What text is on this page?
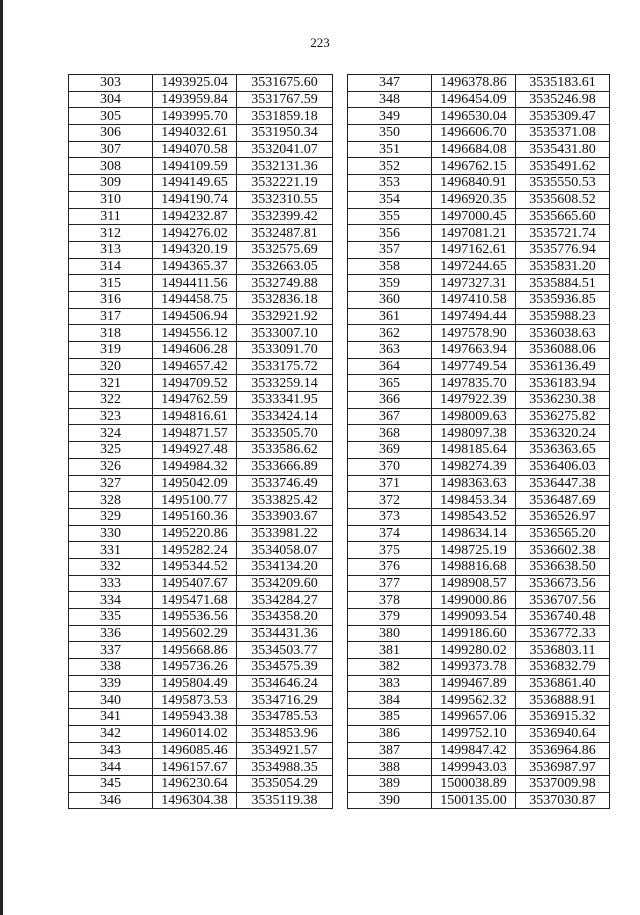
223
303	1493925.04	3531675.60
304	1493959.84	3531767.59
305	1493995.70	3531859.18
306	1494032.61	3531950.34
307	1494070.58	3532041.07
308	1494109.59	3532131.36
309	1494149.65	3532221.19
310	1494190.74	3532310.55
311	1494232.87	3532399.42
312	1494276.02	3532487.81
313	1494320.19	3532575.69
314	1494365.37	3532663.05
315	1494411.56	3532749.88
316	1494458.75	3532836.18
317	1494506.94	3532921.92
318	1494556.12	3533007.10
319	1494606.28	3533091.70
320	1494657.42	3533175.72
321	1494709.52	3533259.14
322	1494762.59	3533341.95
323	1494816.61	3533424.14
324	1494871.57	3533505.70
325	1494927.48	3533586.62
326	1494984.32	3533666.89
327	1495042.09	3533746.49
328	1495100.77	3533825.42
329	1495160.36	3533903.67
330	1495220.86	3533981.22
331	1495282.24	3534058.07
332	1495344.52	3534134.20
333	1495407.67	3534209.60
334	1495471.68	3534284.27
335	1495536.56	3534358.20
336	1495602.29	3534431.36
337	1495668.86	3534503.77
338	1495736.26	3534575.39
339	1495804.49	3534646.24
340	1495873.53	3534716.29
341	1495943.38	3534785.53
342	1496014.02	3534853.96
343	1496085.46	3534921.57
344	1496157.67	3534988.35
345	1496230.64	3535054.29
346	1496304.38	3535119.38
347	1496378.86	3535183.61
348	1496454.09	3535246.98
349	1496530.04	3535309.47
350	1496606.70	3535371.08
351	1496684.08	3535431.80
352	1496762.15	3535491.62
353	1496840.91	3535550.53
354	1496920.35	3535608.52
355	1497000.45	3535665.60
356	1497081.21	3535721.74
357	1497162.61	3535776.94
358	1497244.65	3535831.20
359	1497327.31	3535884.51
360	1497410.58	3535936.85
361	1497494.44	3535988.23
362	1497578.90	3536038.63
363	1497663.94	3536088.06
364	1497749.54	3536136.49
365	1497835.70	3536183.94
366	1497922.39	3536230.38
367	1498009.63	3536275.82
368	1498097.38	3536320.24
369	1498185.64	3536363.65
370	1498274.39	3536406.03
371	1498363.63	3536447.38
372	1498453.34	3536487.69
373	1498543.52	3536526.97
374	1498634.14	3536565.20
375	1498725.19	3536602.38
376	1498816.68	3536638.50
377	1498908.57	3536673.56
378	1499000.86	3536707.56
379	1499093.54	3536740.48
380	1499186.60	3536772.33
381	1499280.02	3536803.11
382	1499373.78	3536832.79
383	1499467.89	3536861.40
384	1499562.32	3536888.91
385	1499657.06	3536915.32
386	1499752.10	3536940.64
387	1499847.42	3536964.86
388	1499943.03	3536987.97
389	1500038.89	3537009.98
390	1500135.00	3537030.87
